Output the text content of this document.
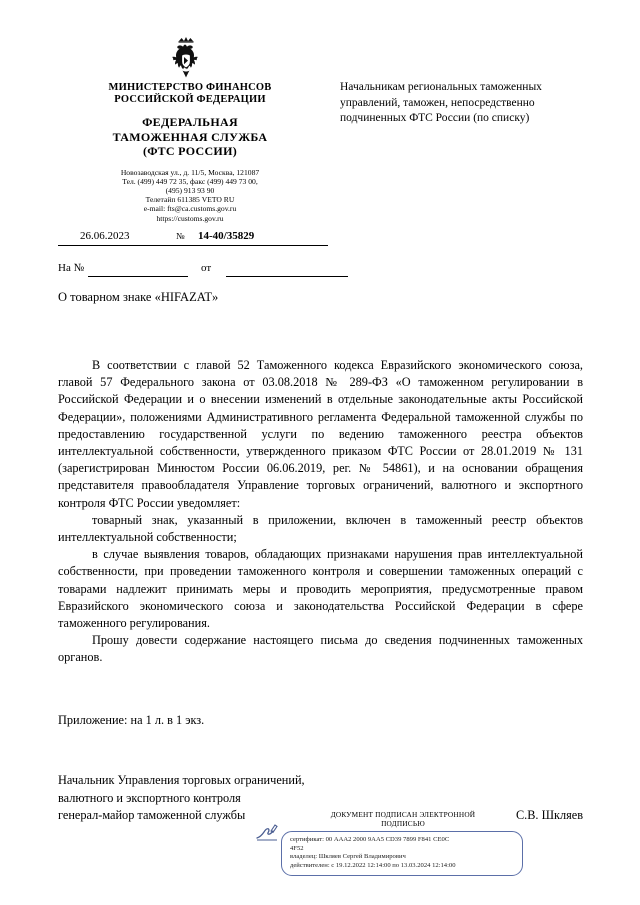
МИНИСТЕРСТВО ФИНАНСОВ
РОССИЙСКОЙ ФЕДЕРАЦИИ
ФЕДЕРАЛЬНАЯ
ТАМОЖЕННАЯ СЛУЖБА
(ФТС РОССИИ)
Новозаводская ул., д. 11/5, Москва, 121087
Тел. (499) 449 72 35, факс (499) 449 73 00,
(495) 913 93 90
Телетайп 611385 VETO RU
e-mail: fts@ca.customs.gov.ru
https://customs.gov.ru
Начальникам региональных таможенных управлений, таможен, непосредственно подчиненных ФТС России (по списку)
26.06.2023	№ 14-40/35829
На №	от
О товарном знаке «HIFAZAT»

В соответствии с главой 52 Таможенного кодекса Евразийского экономического союза, главой 57 Федерального закона от 03.08.2018 № 289-ФЗ «О таможенном регулировании в Российской Федерации и о внесении изменений в отдельные законодательные акты Российской Федерации», положениями Административного регламента Федеральной таможенной службы по предоставлению государственной услуги по ведению таможенного реестра объектов интеллектуальной собственности, утвержденного приказом ФТС России от 28.01.2019 № 131 (зарегистрирован Минюстом России 06.06.2019, рег. № 54861), и на основании обращения представителя правообладателя Управление торговых ограничений, валютного и экспортного контроля ФТС России уведомляет:

товарный знак, указанный в приложении, включен в таможенный реестр объектов интеллектуальной собственности;

в случае выявления товаров, обладающих признаками нарушения прав интеллектуальной собственности, при проведении таможенного контроля и совершении таможенных операций с товарами надлежит принимать меры и проводить мероприятия, предусмотренные правом Евразийского экономического союза и законодательства Российской Федерации в сфере таможенного регулирования.

Прошу довести содержание настоящего письма до сведения подчиненных таможенных органов.

Приложение: на 1 л. в 1 экз.
Начальник Управления торговых ограничений,
валютного и экспортного контроля
генерал-майор таможенной службы	С.В. Шкляев
ДОКУМЕНТ ПОДПИСАН ЭЛЕКТРОННОЙ
ПОДПИСЬЮ
сертификат: 00 AAA2 2000 9AA5 CD39 7899 F841 CE0C
4F52
владелец: Шкляев Сергей Владимирович
действителен: с 19.12.2022 12:14:00 по 13.03.2024 12:14:00
